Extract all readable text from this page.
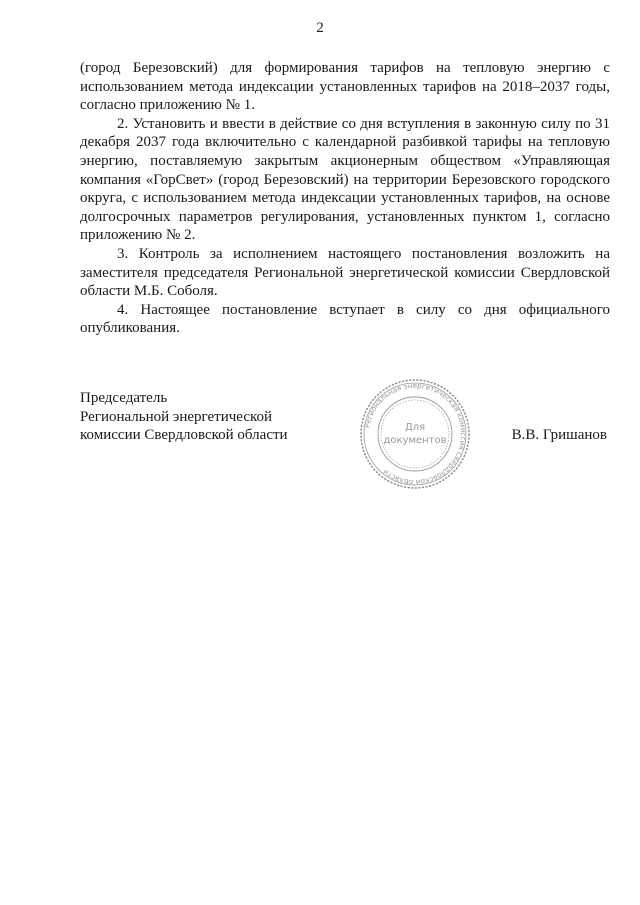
2

(город Березовский) для формирования тарифов на тепловую энергию с использованием метода индексации установленных тарифов на 2018–2037 годы, согласно приложению № 1.

2. Установить и ввести в действие со дня вступления в законную силу по 31 декабря 2037 года включительно с календарной разбивкой тарифы на тепловую энергию, поставляемую закрытым акционерным обществом «Управляющая компания «ГорСвет» (город Березовский) на территории Березовского городского округа, с использованием метода индексации установленных тарифов, на основе долгосрочных параметров регулирования, установленных пунктом 1, согласно приложению № 2.

3. Контроль за исполнением настоящего постановления возложить на заместителя председателя Региональной энергетической комиссии Свердловской области М.Б. Соболя.

4. Настоящее постановление вступает в силу со дня официального опубликования.

Председатель
Региональной энергетической
комиссии Свердловской области
Региональная энергетическая комиссия Свердловской области
Для
документов	В.В. Гришанов
